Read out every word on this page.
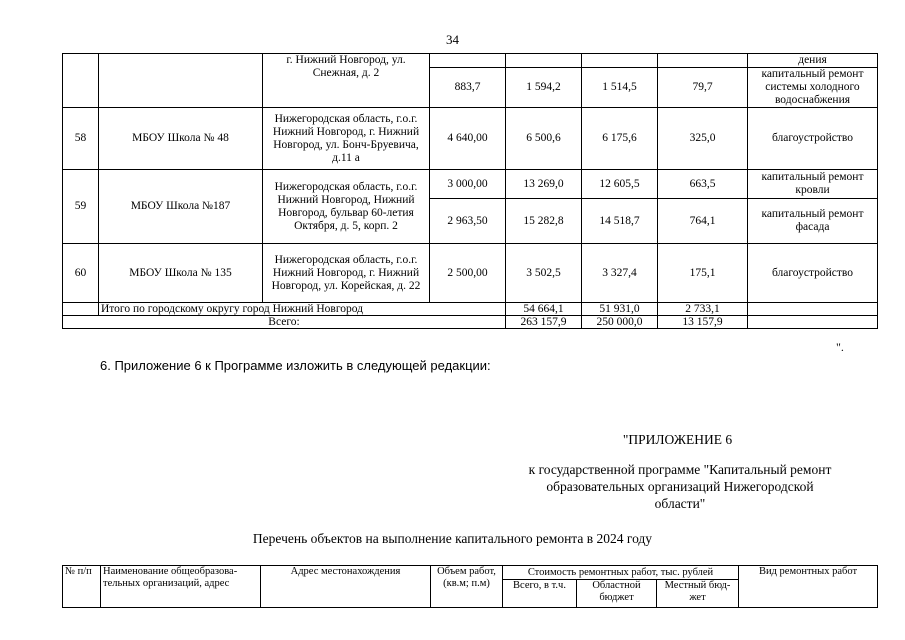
34
		г. Нижний Новгород, ул. Снежная, д. 2					дения
			883,7	1 594,2	1 514,5	79,7	капитальный ремонт системы холодного водоснабжения
58	МБОУ Школа № 48	Нижегородская область, г.о.г. Нижний Новгород, г. Нижний Новгород, ул. Бонч-Бруевича, д.11 а	4 640,00	6 500,6	6 175,6	325,0	благоустройство
59	МБОУ Школа №187	Нижегородская область, г.о.г. Нижний Новгород, Нижний Новгород, бульвар 60-летия Октября, д. 5, корп. 2	3 000,00	13 269,0	12 605,5	663,5	капитальный ремонт кровли
			2 963,50	15 282,8	14 518,7	764,1	капитальный ремонт фасада
60	МБОУ Школа № 135	Нижегородская область, г.о.г. Нижний Новгород, г. Нижний Новгород, ул. Корейская, д. 22	2 500,00	3 502,5	3 327,4	175,1	благоустройство
	Итого по городскому округу город Нижний Новгород			54 664,1	51 931,0	2 733,1	
Всего:				263 157,9	250 000,0	13 157,9	
".
6. Приложение 6 к Программе изложить в следующей редакции:
"ПРИЛОЖЕНИЕ 6
к государственной программе "Капитальный ремонт образовательных организаций Нижегородской области"
Перечень объектов на выполнение капитального ремонта в 2024 году
№ п/п	Наименование общеобразова-тельных организаций, адрес	Адрес местонахождения	Объем работ, (кв.м; п.м)	Стоимость ремонтных работ, тыс. рублей			Вид ремонтных работ
				Всего, в т.ч.	Областной бюджет	Местный бюд-жет	
